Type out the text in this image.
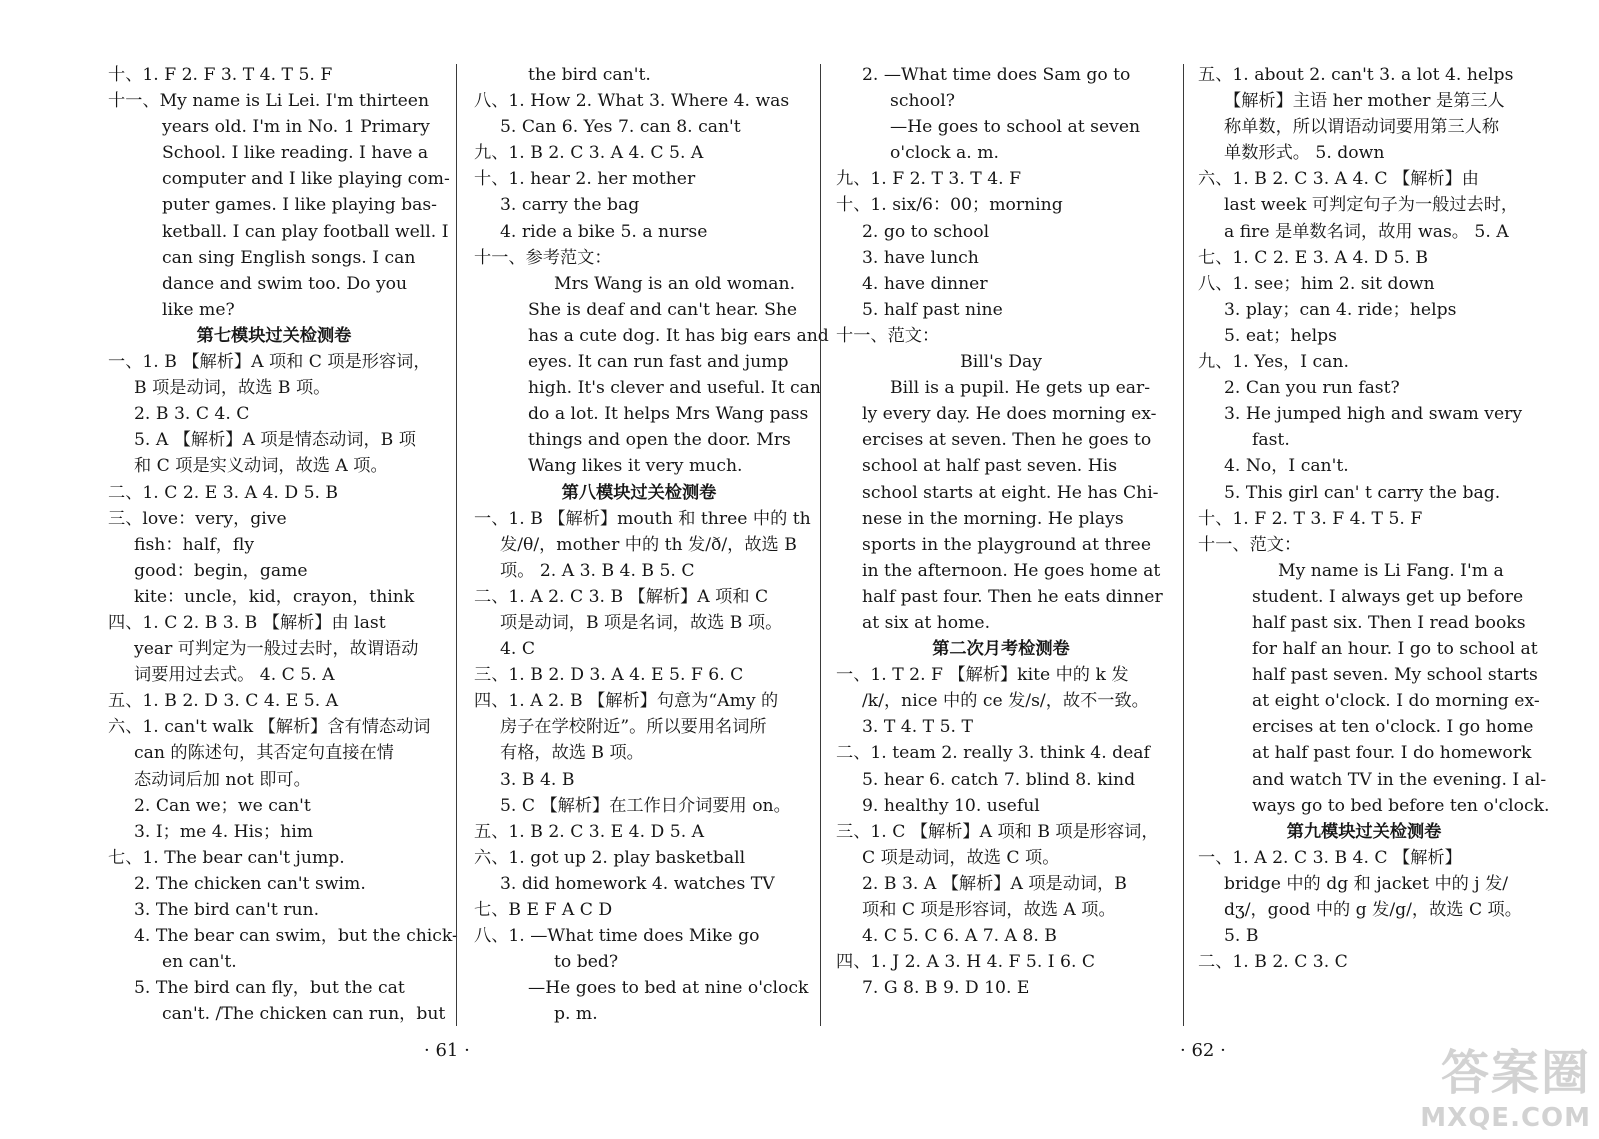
十、1. F 2. F 3. T 4. T 5. F
十一、My name is Li Lei. I'm thirteen
years old. I'm in No. 1 Primary
School. I like reading. I have a
computer and I like playing com-
puter games. I like playing bas-
ketball. I can play football well. I
can sing English songs. I can
dance and swim too. Do you
like me?
第七模块过关检测卷
一、1. B 【解析】A 项和 C 项是形容词，
B 项是动词，故选 B 项。
2. B 3. C 4. C
5. A 【解析】A 项是情态动词，B 项
和 C 项是实义动词，故选 A 项。
二、1. C 2. E 3. A 4. D 5. B
三、love：very，give
fish：half，fly
good：begin，game
kite：uncle，kid，crayon，think
四、1. C 2. B 3. B 【解析】由 last
year 可判定为一般过去时，故谓语动
词要用过去式。 4. C 5. A
五、1. B 2. D 3. C 4. E 5. A
六、1. can't walk 【解析】含有情态动词
can 的陈述句，其否定句直接在情
态动词后加 not 即可。
2. Can we；we can't
3. I；me 4. His；him
七、1. The bear can't jump.
2. The chicken can't swim.
3. The bird can't run.
4. The bear can swim，but the chick-
en can't.
5. The bird can fly，but the cat
can't. /The chicken can run，but
the bird can't.
八、1. How 2. What 3. Where 4. was
5. Can 6. Yes 7. can 8. can't
九、1. B 2. C 3. A 4. C 5. A
十、1. hear 2. her mother
3. carry the bag
4. ride a bike 5. a nurse
十一、参考范文：
Mrs Wang is an old woman.
She is deaf and can't hear. She
has a cute dog. It has big ears and
eyes. It can run fast and jump
high. It's clever and useful. It can
do a lot. It helps Mrs Wang pass
things and open the door. Mrs
Wang likes it very much.
第八模块过关检测卷
一、1. B 【解析】mouth 和 three 中的 th
发/θ/，mother 中的 th 发/ð/，故选 B
项。 2. A 3. B 4. B 5. C
二、1. A 2. C 3. B 【解析】A 项和 C
项是动词，B 项是名词，故选 B 项。
4. C
三、1. B 2. D 3. A 4. E 5. F 6. C
四、1. A 2. B 【解析】句意为“Amy 的
房子在学校附近”。所以要用名词所
有格，故选 B 项。
3. B 4. B
5. C 【解析】在工作日介词要用 on。
五、1. B 2. C 3. E 4. D 5. A
六、1. got up 2. play basketball
3. did homework 4. watches TV
七、B E F A C D
八、1. —What time does Mike go
to bed?
—He goes to bed at nine o'clock
p. m.
2. —What time does Sam go to
school?
—He goes to school at seven
o'clock a. m.
九、1. F 2. T 3. T 4. F
十、1. six/6：00；morning
2. go to school
3. have lunch
4. have dinner
5. half past nine
十一、范文：
Bill's Day
Bill is a pupil. He gets up ear-
ly every day. He does morning ex-
ercises at seven. Then he goes to
school at half past seven. His
school starts at eight. He has Chi-
nese in the morning. He plays
sports in the playground at three
in the afternoon. He goes home at
half past four. Then he eats dinner
at six at home.
第二次月考检测卷
一、1. T 2. F 【解析】kite 中的 k 发
/k/，nice 中的 ce 发/s/，故不一致。
3. T 4. T 5. T
二、1. team 2. really 3. think 4. deaf
5. hear 6. catch 7. blind 8. kind
9. healthy 10. useful
三、1. C 【解析】A 项和 B 项是形容词，
C 项是动词，故选 C 项。
2. B 3. A 【解析】A 项是动词，B
项和 C 项是形容词，故选 A 项。
4. C 5. C 6. A 7. A 8. B
四、1. J 2. A 3. H 4. F 5. I 6. C
7. G 8. B 9. D 10. E
五、1. about 2. can't 3. a lot 4. helps
【解析】主语 her mother 是第三人
称单数，所以谓语动词要用第三人称
单数形式。 5. down
六、1. B 2. C 3. A 4. C 【解析】由
last week 可判定句子为一般过去时，
a fire 是单数名词，故用 was。 5. A
七、1. C 2. E 3. A 4. D 5. B
八、1. see；him 2. sit down
3. play；can 4. ride；helps
5. eat；helps
九、1. Yes，I can.
2. Can you run fast?
3. He jumped high and swam very
fast.
4. No，I can't.
5. This girl can' t carry the bag.
十、1. F 2. T 3. F 4. T 5. F
十一、范文：
My name is Li Fang. I'm a
student. I always get up before
half past six. Then I read books
for half an hour. I go to school at
half past seven. My school starts
at eight o'clock. I do morning ex-
ercises at ten o'clock. I go home
at half past four. I do homework
and watch TV in the evening. I al-
ways go to bed before ten o'clock.
第九模块过关检测卷
一、1. A 2. C 3. B 4. C 【解析】
bridge 中的 dg 和 jacket 中的 j 发/
dʒ/，good 中的 g 发/g/，故选 C 项。
5. B
二、1. B 2. C 3. C
· 61 ·	· 62 ·	答案圈
MXQE.COM
